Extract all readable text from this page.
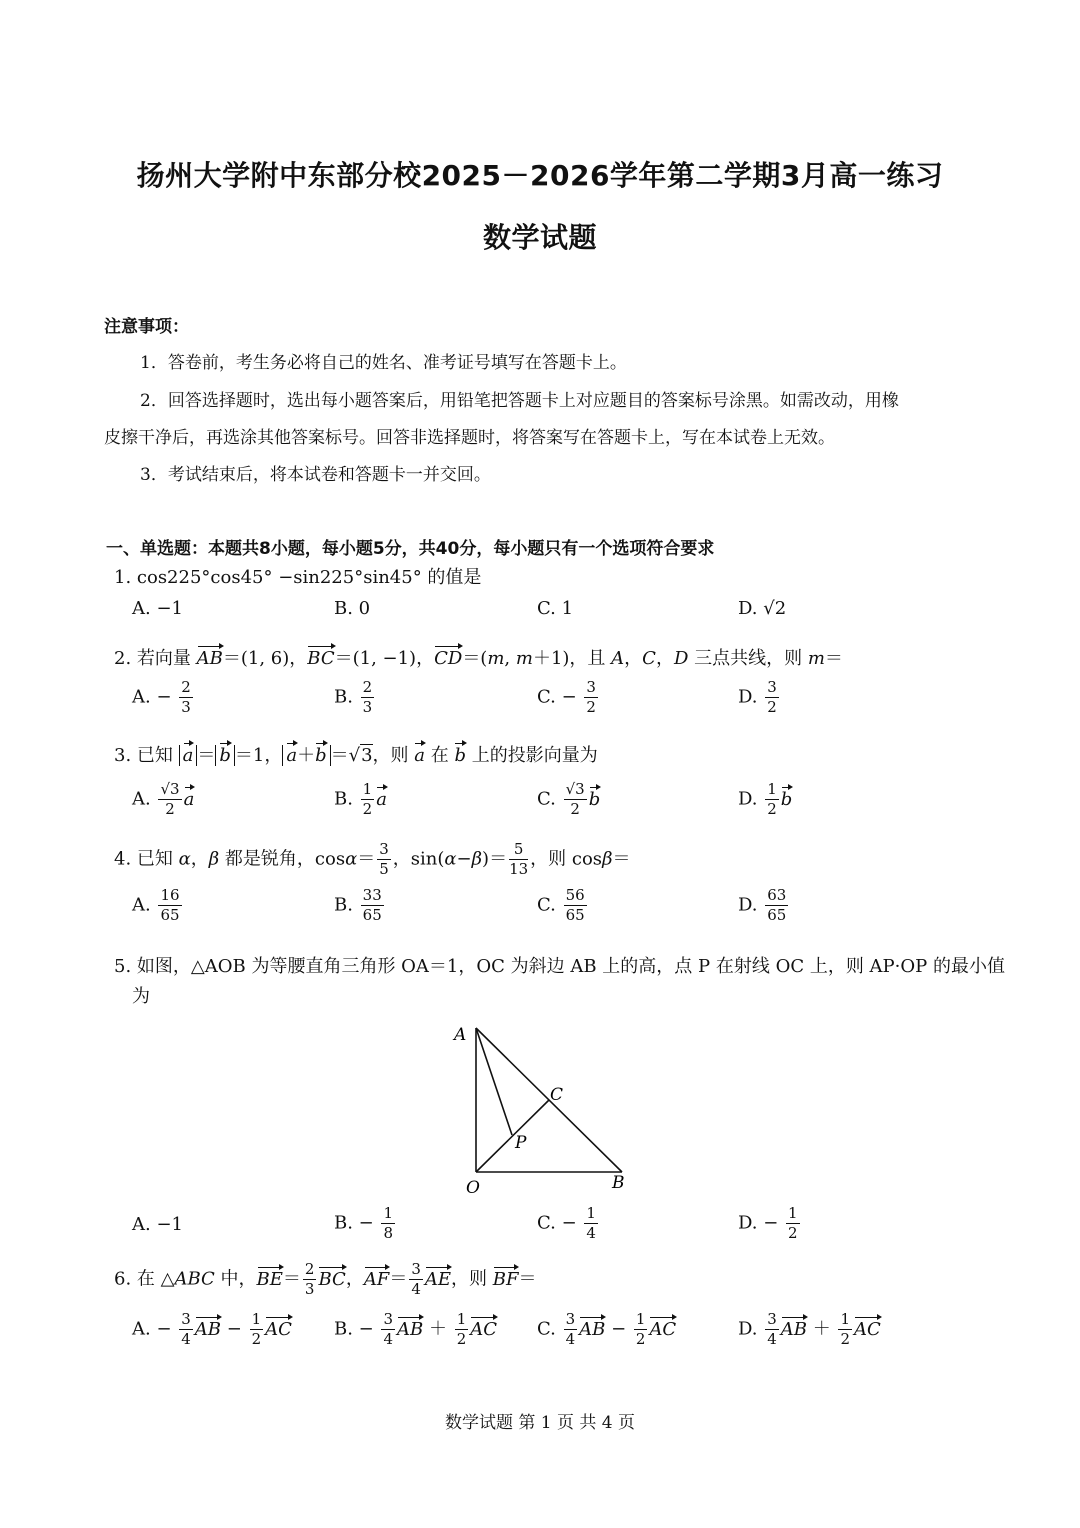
扬州大学附中东部分校2025－2026学年第二学期3月高一练习
数学试题
注意事项：
1．答卷前，考生务必将自己的姓名、准考证号填写在答题卡上。
2．回答选择题时，选出每小题答案后，用铅笔把答题卡上对应题目的答案标号涂黑。如需改动，用橡
皮擦干净后，再选涂其他答案标号。回答非选择题时，将答案写在答题卡上，写在本试卷上无效。
3．考试结束后，将本试卷和答题卡一并交回。
一、单选题：本题共8小题，每小题5分，共40分，每小题只有一个选项符合要求
1. cos225°cos45° −sin225°sin45° 的值是
A. −1	B. 0	C. 1	D. √2
2. 若向量 AB＝(1, 6)，BC＝(1, −1)，CD＝(m, m＋1)，且 A，C，D 三点共线，则 m＝
A. − $\frac{2}{3}$	B. $\frac{2}{3}$	C. − $\frac{3}{2}$	D. $\frac{3}{2}$
3. 已知 a ＝ b ＝1， a＋b ＝√3，则 a 在 b 上的投影向量为
A. $\frac{√3}{2}$ a	B. $\frac{1}{2}$ a	C. $\frac{√3}{2}$ b	D. $\frac{1}{2}$ b
4. 已知 α，β 都是锐角，$\cos\alpha= \frac{3}{5}$ ，$\sin(\alpha-\beta)= \frac{5}{13}$ ，则 cosβ＝
A. $\frac{16}{65}$	B. $\frac{33}{65}$	C. $\frac{56}{65}$	D. $\frac{63}{65}$
5. 如图，△AOB 为等腰直角三角形 OA＝1，OC 为斜边 AB 上的高，点 P 在射线 OC 上，则 AP·OP 的最小值
为
A
C
P
O	B
A. −1	B. − $\frac{1}{8}$	C. − $\frac{1}{4}$	D. − $\frac{1}{2}$
6. 在 △ABC 中，$BE= \frac{2}{3}$ BC，$AF= \frac{3}{4}$ AE，则 BF＝
A. − $\frac{3}{4}$ AB − $\frac{1}{2}$ AC B. − $\frac{3}{4}$ AB ＋ $\frac{1}{2}$ AC C. $\frac{3}{4}$ AB − $\frac{1}{2}$ AC	D. $\frac{3}{4}$ AB ＋ $\frac{1}{2}$ AC
数学试题 第 1 页 共 4 页
